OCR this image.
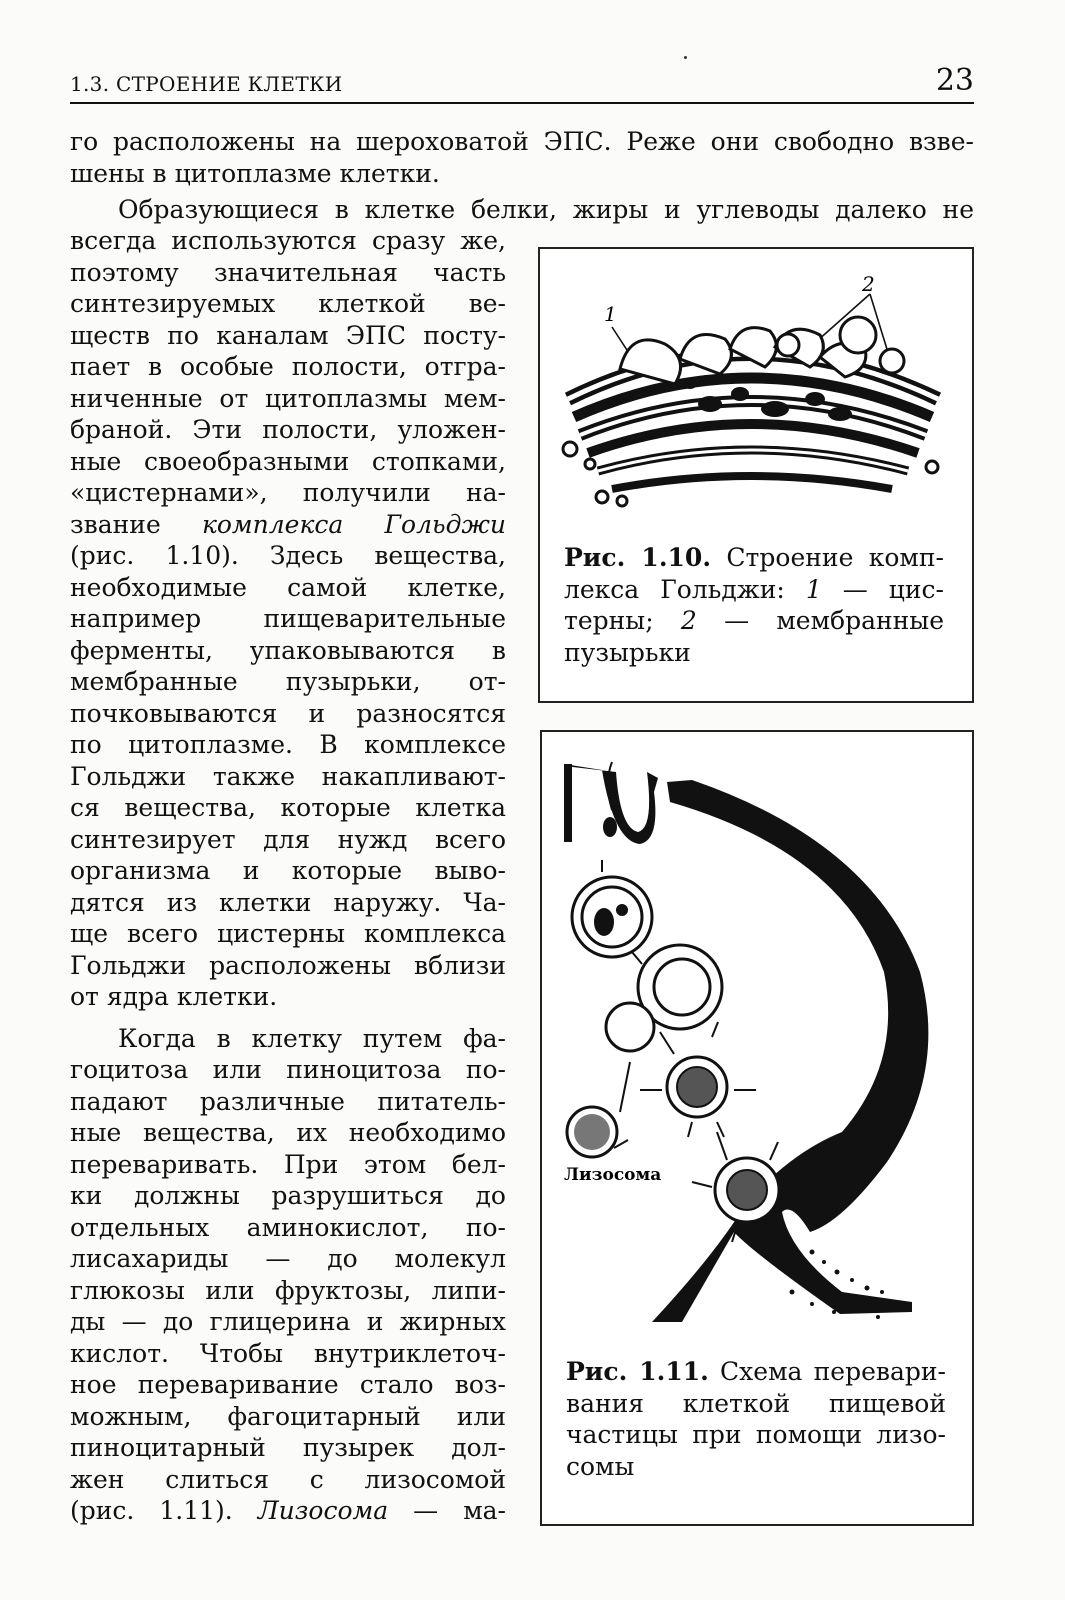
1.3. СТРОЕНИЕ КЛЕТКИ	23
го расположены на шероховатой ЭПС. Реже они свободно взве-
шены в цитоплазме клетки.
Образующиеся в клетке белки, жиры и углеводы далеко не
всегда используются сразу же,
поэтому значительная часть
синтезируемых клеткой ве-
ществ по каналам ЭПС посту-
пает в особые полости, отгра-
ниченные от цитоплазмы мем-
браной. Эти полости, уложен-
ные своеобразными стопками,
«цистернами», получили на-
звание комплекса Гольджи
(рис. 1.10). Здесь вещества,
необходимые самой клетке,
например пищеварительные
ферменты, упаковываются в
мембранные пузырьки, от-
почковываются и разносятся
по цитоплазме. В комплексе
Гольджи также накапливают-
ся вещества, которые клетка
синтезирует для нужд всего
организма и которые выво-
дятся из клетки наружу. Ча-
ще всего цистерны комплекса
Гольджи расположены вблизи
от ядра клетки.
Когда в клетку путем фа-
гоцитоза или пиноцитоза по-
падают различные питатель-
ные вещества, их необходимо
переваривать. При этом бел-
ки должны разрушиться до
отдельных аминокислот, по-
лисахариды — до молекул
глюкозы или фруктозы, липи-
ды — до глицерина и жирных
кислот. Чтобы внутриклеточ-
ное переваривание стало воз-
можным, фагоцитарный или
пиноцитарный пузырек дол-
жен слиться с лизосомой
(рис. 1.11). Лизосома — ма-
2
1
Рис. 1.10. Строение комп-
лекса Гольджи: 1 — цис-
терны; 2 — мембранные
пузырьки
Лизосома
Рис. 1.11. Схема перевари-
вания клеткой пищевой
частицы при помощи лизо-
сомы
